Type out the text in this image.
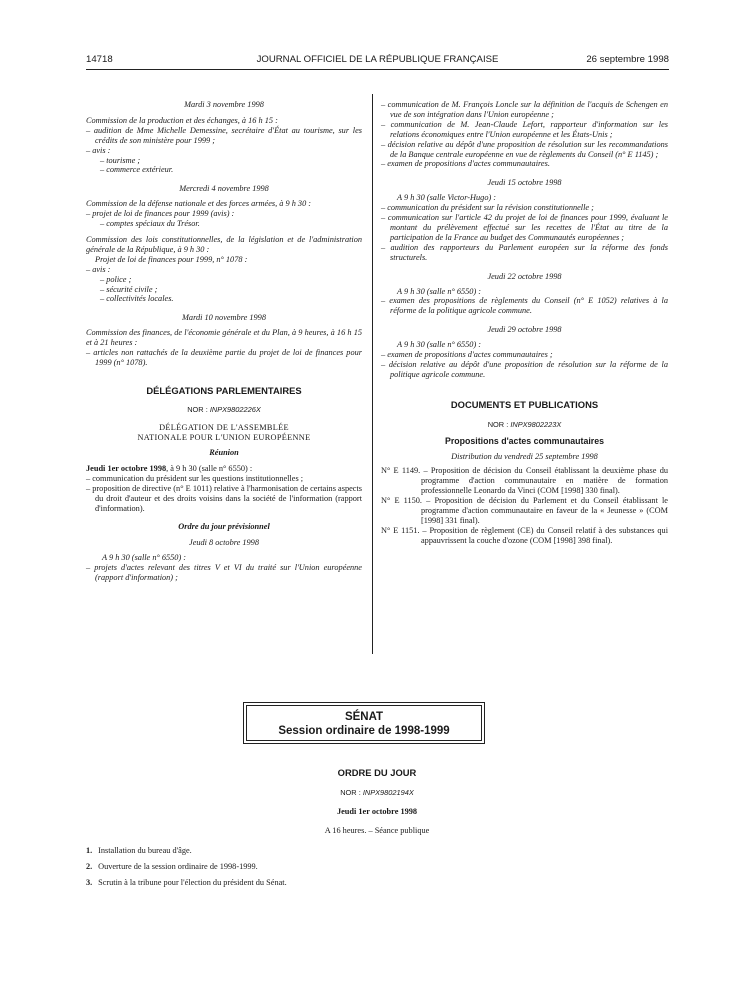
14718	JOURNAL OFFICIEL DE LA RÉPUBLIQUE FRANÇAISE	26 septembre 1998

Mardi 3 novembre 1998

Commission de la production et des échanges, à 16 h 15 :

– audition de Mme Michelle Demessine, secrétaire d'État au tourisme, sur les crédits de son ministère pour 1999 ;

– avis :

– tourisme ;

– commerce extérieur.

Mercredi 4 novembre 1998

Commission de la défense nationale et des forces armées, à 9 h 30 :

– projet de loi de finances pour 1999 (avis) :

– comptes spéciaux du Trésor.

Commission des lois constitutionnelles, de la législation et de l'administration générale de la République, à 9 h 30 :

Projet de loi de finances pour 1999, n° 1078 :

– avis :

– police ;

– sécurité civile ;

– collectivités locales.

Mardi 10 novembre 1998

Commission des finances, de l'économie générale et du Plan, à 9 heures, à 16 h 15 et à 21 heures :

– articles non rattachés de la deuxième partie du projet de loi de finances pour 1999 (n° 1078).

DÉLÉGATIONS PARLEMENTAIRES

NOR : INPX9802226X

DÉLÉGATION DE L'ASSEMBLÉE NATIONALE POUR L'UNION EUROPÉENNE

Réunion

Jeudi 1er octobre 1998, à 9 h 30 (salle n° 6550) :

– communication du président sur les questions institutionnelles ;

– proposition de directive (n° E 1011) relative à l'harmonisation de certains aspects du droit d'auteur et des droits voisins dans la société de l'information (rapport d'information).

Ordre du jour prévisionnel

Jeudi 8 octobre 1998

A 9 h 30 (salle n° 6550) :

– projets d'actes relevant des titres V et VI du traité sur l'Union européenne (rapport d'information) ;

– communication de M. François Loncle sur la définition de l'acquis de Schengen en vue de son intégration dans l'Union européenne ;

– communication de M. Jean-Claude Lefort, rapporteur d'information sur les relations économiques entre l'Union européenne et les États-Unis ;

– décision relative au dépôt d'une proposition de résolution sur les recommandations de la Banque centrale européenne en vue de règlements du Conseil (n° E 1145) ;

– examen de propositions d'actes communautaires.

Jeudi 15 octobre 1998

A 9 h 30 (salle Victor-Hugo) :

– communication du président sur la révision constitutionnelle ;

– communication sur l'article 42 du projet de loi de finances pour 1999, évaluant le montant du prélèvement effectué sur les recettes de l'État au titre de la participation de la France au budget des Communautés européennes ;

– audition des rapporteurs du Parlement européen sur la réforme des fonds structurels.

Jeudi 22 octobre 1998

A 9 h 30 (salle n° 6550) :

– examen des propositions de règlements du Conseil (n° E 1052) relatives à la réforme de la politique agricole commune.

Jeudi 29 octobre 1998

A 9 h 30 (salle n° 6550) :

– examen de propositions d'actes communautaires ;

– décision relative au dépôt d'une proposition de résolution sur la réforme de la politique agricole commune.

DOCUMENTS ET PUBLICATIONS

NOR : INPX9802223X

Propositions d'actes communautaires

Distribution du vendredi 25 septembre 1998

N° E 1149. – Proposition de décision du Conseil établissant la deuxième phase du programme d'action communautaire en matière de formation professionnelle Leonardo da Vinci (COM [1998] 330 final).

N° E 1150. – Proposition de décision du Parlement et du Conseil établissant le programme d'action communautaire en faveur de la « Jeunesse » (COM [1998] 331 final).

N° E 1151. – Proposition de règlement (CE) du Conseil relatif à des substances qui appauvrissent la couche d'ozone (COM [1998] 398 final).

SÉNAT
Session ordinaire de 1998-1999

ORDRE DU JOUR

NOR : INPX9802194X

Jeudi 1er octobre 1998

A 16 heures. – Séance publique

1. Installation du bureau d'âge.

2. Ouverture de la session ordinaire de 1998-1999.

3. Scrutin à la tribune pour l'élection du président du Sénat.
